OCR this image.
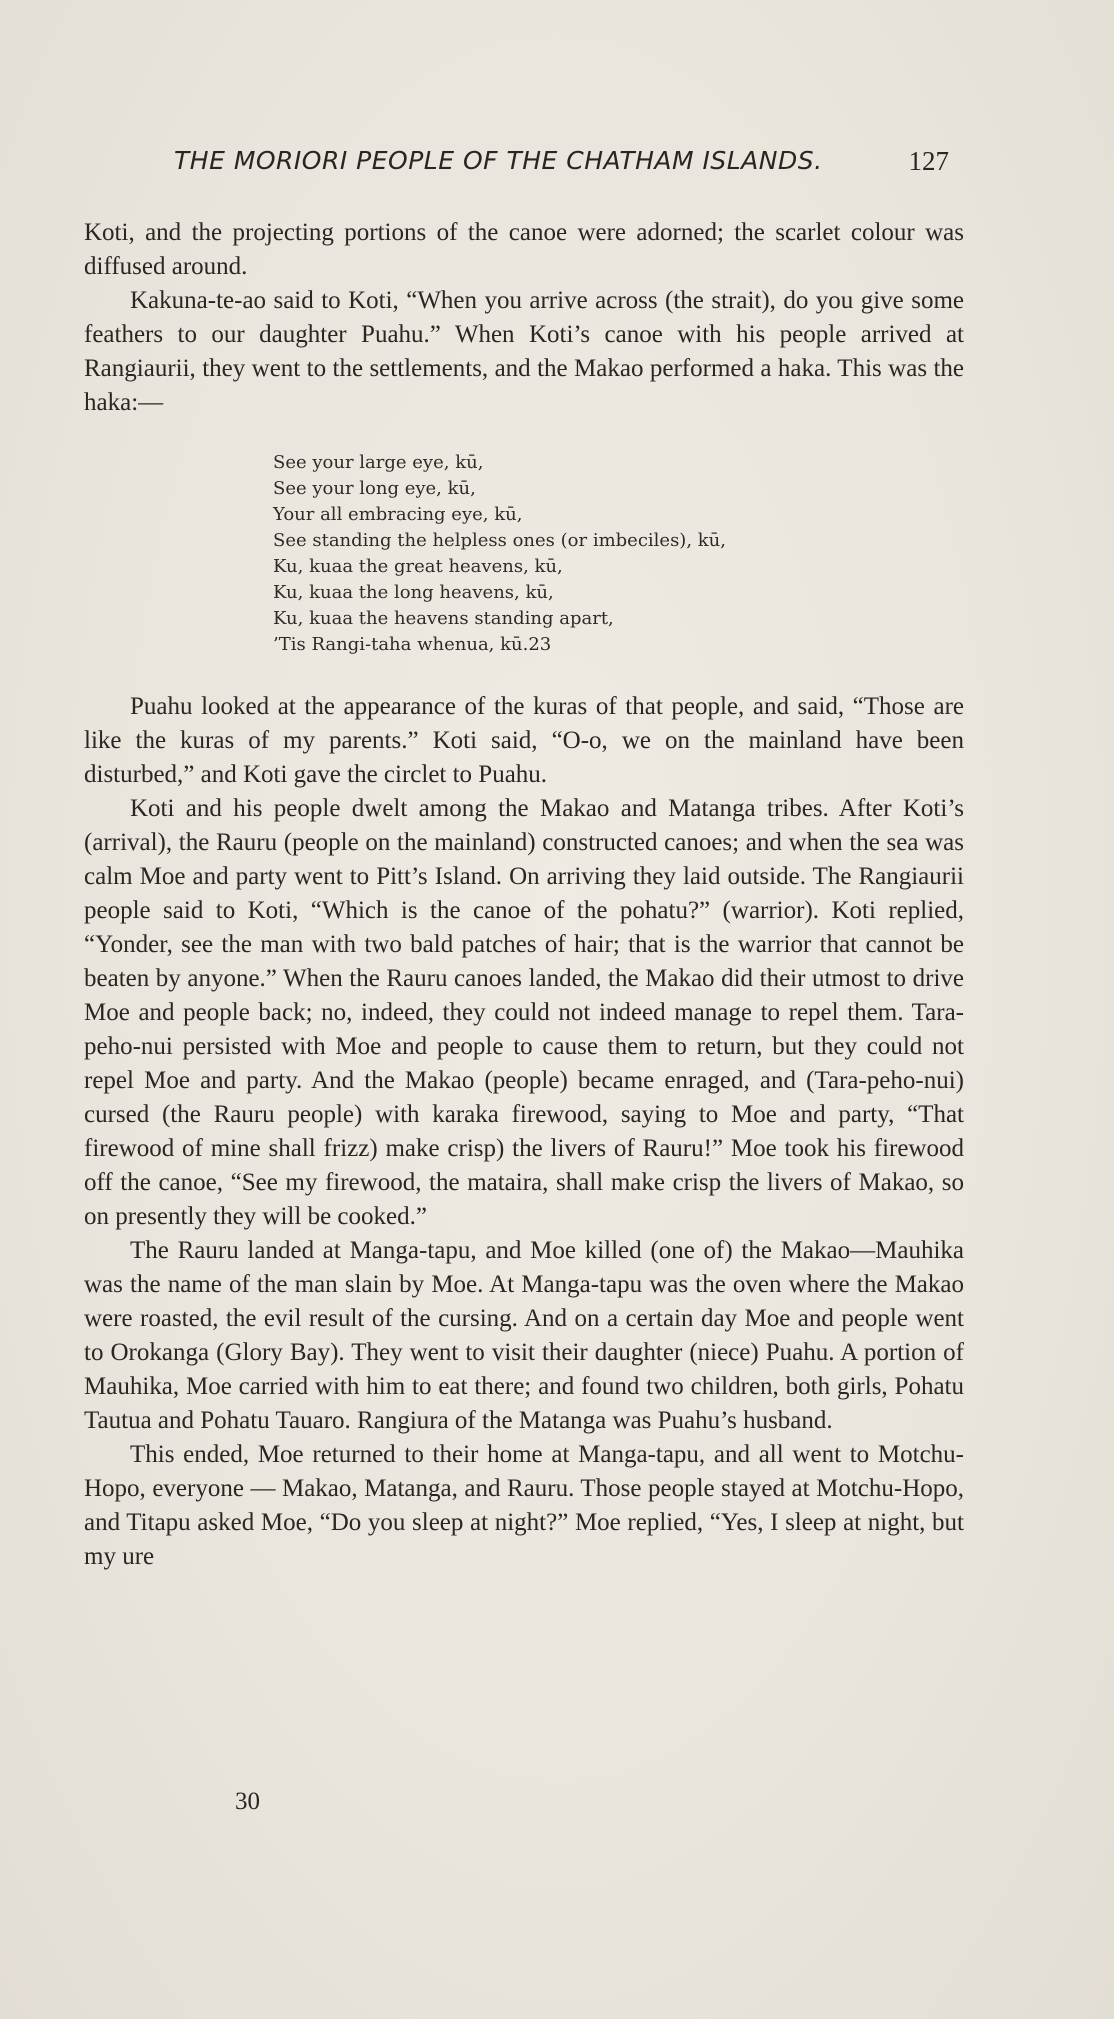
THE MORIORI PEOPLE OF THE CHATHAM ISLANDS.	127

Koti, and the projecting portions of the canoe were adorned; the scarlet colour was diffused around.

Kakuna-te-ao said to Koti, “When you arrive across (the strait), do you give some feathers to our daughter Puahu.” When Koti’s canoe with his people arrived at Rangiaurii, they went to the settlements, and the Makao performed a haka. This was the haka:—

See your large eye, kū,
See your long eye, kū,
Your all embracing eye, kū,
See standing the helpless ones (or imbeciles), kū,
Ku, kuaa the great heavens, kū,
Ku, kuaa the long heavens, kū,
Ku, kuaa the heavens standing apart,
’Tis Rangi-taha whenua, kū.23

Puahu looked at the appearance of the kuras of that people, and said, “Those are like the kuras of my parents.” Koti said, “O-o, we on the mainland have been disturbed,” and Koti gave the circlet to Puahu.

Koti and his people dwelt among the Makao and Matanga tribes. After Koti’s (arrival), the Rauru (people on the mainland) constructed canoes; and when the sea was calm Moe and party went to Pitt’s Island. On arriving they laid outside. The Rangiaurii people said to Koti, “Which is the canoe of the pohatu?” (warrior). Koti replied, “Yonder, see the man with two bald patches of hair; that is the warrior that cannot be beaten by anyone.” When the Rauru canoes landed, the Makao did their utmost to drive Moe and people back; no, indeed, they could not indeed manage to repel them. Tara-peho-nui persisted with Moe and people to cause them to return, but they could not repel Moe and party. And the Makao (people) became enraged, and (Tara-peho-nui) cursed (the Rauru people) with karaka firewood, saying to Moe and party, “That firewood of mine shall frizz) make crisp) the livers of Rauru!” Moe took his firewood off the canoe, “See my firewood, the mataira, shall make crisp the livers of Makao, so on presently they will be cooked.”

The Rauru landed at Manga-tapu, and Moe killed (one of) the Makao—Mauhika was the name of the man slain by Moe. At Manga-tapu was the oven where the Makao were roasted, the evil result of the cursing. And on a certain day Moe and people went to Orokanga (Glory Bay). They went to visit their daughter (niece) Puahu. A portion of Mauhika, Moe carried with him to eat there; and found two children, both girls, Pohatu Tautua and Pohatu Tauaro. Rangiura of the Matanga was Puahu’s husband.

This ended, Moe returned to their home at Manga-tapu, and all went to Motchu-Hopo, everyone — Makao, Matanga, and Rauru. Those people stayed at Motchu-Hopo, and Titapu asked Moe, “Do you sleep at night?” Moe replied, “Yes, I sleep at night, but my ure

30
